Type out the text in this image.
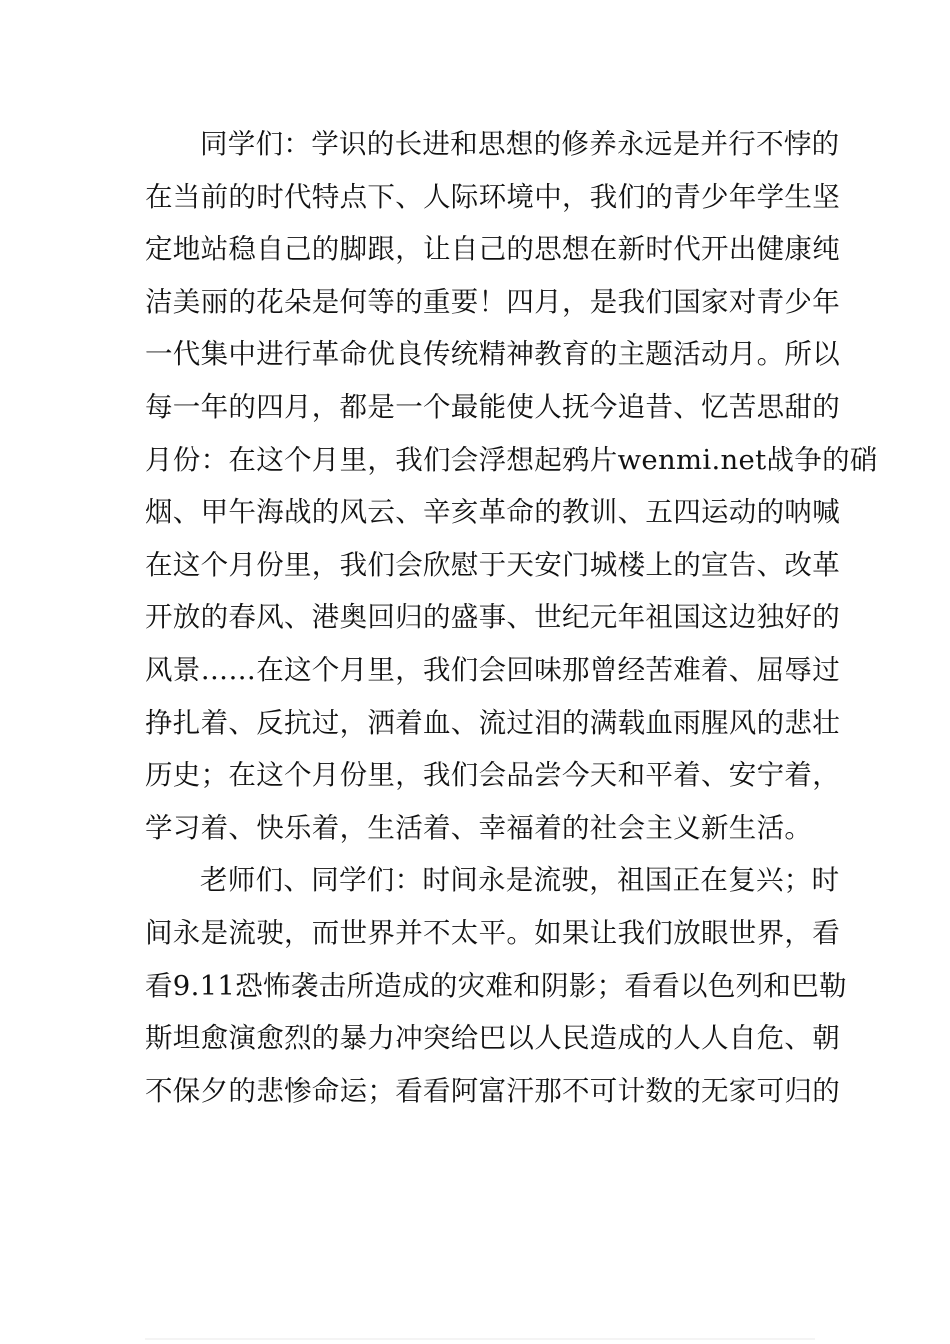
同学们：学识的长进和思想的修养永远是并行不悖的
在当前的时代特点下、人际环境中，我们的青少年学生坚
定地站稳自己的脚跟，让自己的思想在新时代开出健康纯
洁美丽的花朵是何等的重要！四月，是我们国家对青少年
一代集中进行革命优良传统精神教育的主题活动月。所以
每一年的四月，都是一个最能使人抚今追昔、忆苦思甜的
月份：在这个月里，我们会浮想起鸦片wenmi.net战争的硝
烟、甲午海战的风云、辛亥革命的教训、五四运动的呐喊
在这个月份里，我们会欣慰于天安门城楼上的宣告、改革
开放的春风、港奥回归的盛事、世纪元年祖国这边独好的
风景……在这个月里，我们会回味那曾经苦难着、屈辱过
挣扎着、反抗过，洒着血、流过泪的满载血雨腥风的悲壮
历史；在这个月份里，我们会品尝今天和平着、安宁着，
学习着、快乐着，生活着、幸福着的社会主义新生活。
老师们、同学们：时间永是流驶，祖国正在复兴；时
间永是流驶，而世界并不太平。如果让我们放眼世界，看
看9.11恐怖袭击所造成的灾难和阴影；看看以色列和巴勒
斯坦愈演愈烈的暴力冲突给巴以人民造成的人人自危、朝
不保夕的悲惨命运；看看阿富汗那不可计数的无家可归的
